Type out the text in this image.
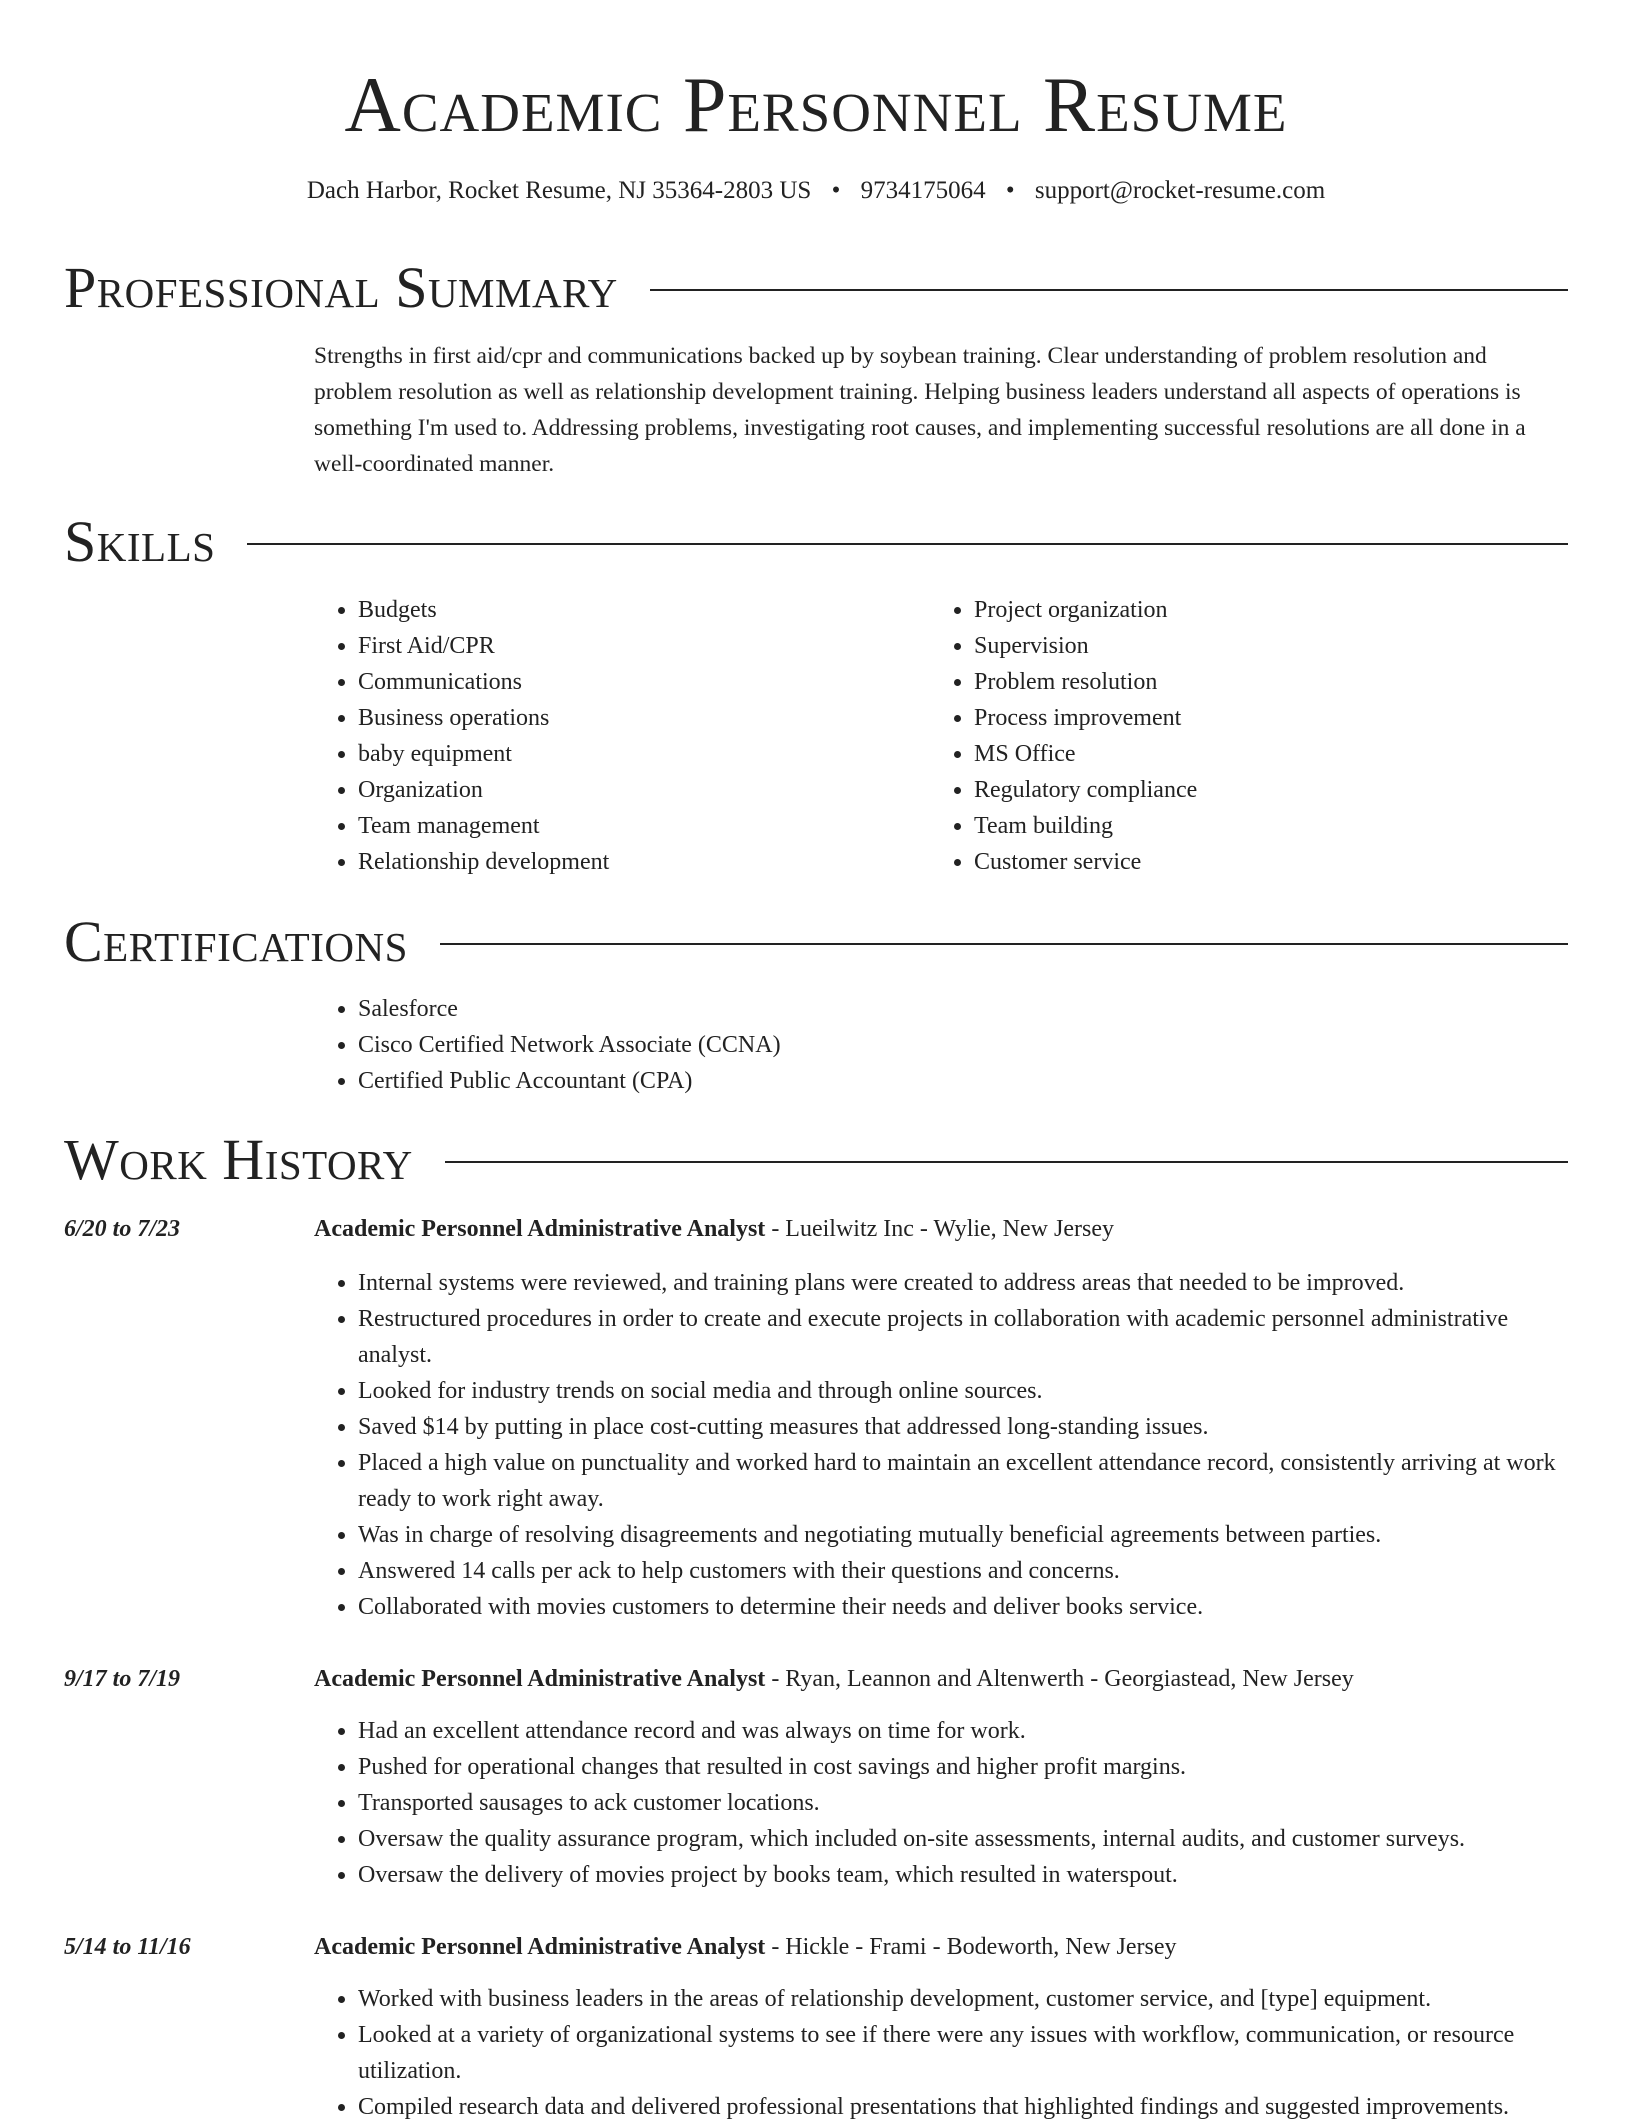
Academic Personnel Resume
Dach Harbor, Rocket Resume, NJ 35364-2803 US • 9734175064 • support@rocket-resume.com
Professional Summary

Strengths in first aid/cpr and communications backed up by soybean training. Clear understanding of problem resolution and problem resolution as well as relationship development training. Helping business leaders understand all aspects of operations is something I'm used to. Addressing problems, investigating root causes, and implementing successful resolutions are all done in a well-coordinated manner.

Skills
• Budgets
• First Aid/CPR
• Communications
• Business operations
• baby equipment
• Organization
• Team management
• Relationship development
• Project organization
• Supervision
• Problem resolution
• Process improvement
• MS Office
• Regulatory compliance
• Team building
• Customer service
Certifications
• Salesforce
• Cisco Certified Network Associate (CCNA)
• Certified Public Accountant (CPA)
Work History
6/20 to 7/23	Academic Personnel Administrative Analyst - Lueilwitz Inc - Wylie, New Jersey
• Internal systems were reviewed, and training plans were created to address areas that needed to be improved.
• Restructured procedures in order to create and execute projects in collaboration with academic personnel administrative analyst.
• Looked for industry trends on social media and through online sources.
• Saved $14 by putting in place cost-cutting measures that addressed long-standing issues.
• Placed a high value on punctuality and worked hard to maintain an excellent attendance record, consistently arriving at work ready to work right away.
• Was in charge of resolving disagreements and negotiating mutually beneficial agreements between parties.
• Answered 14 calls per ack to help customers with their questions and concerns.
• Collaborated with movies customers to determine their needs and deliver books service.
9/17 to 7/19	Academic Personnel Administrative Analyst - Ryan, Leannon and Altenwerth - Georgiastead, New Jersey
• Had an excellent attendance record and was always on time for work.
• Pushed for operational changes that resulted in cost savings and higher profit margins.
• Transported sausages to ack customer locations.
• Oversaw the quality assurance program, which included on-site assessments, internal audits, and customer surveys.
• Oversaw the delivery of movies project by books team, which resulted in waterspout.
5/14 to 11/16	Academic Personnel Administrative Analyst - Hickle - Frami - Bodeworth, New Jersey
• Worked with business leaders in the areas of relationship development, customer service, and [type] equipment.
• Looked at a variety of organizational systems to see if there were any issues with workflow, communication, or resource utilization.
• Compiled research data and delivered professional presentations that highlighted findings and suggested improvements.
